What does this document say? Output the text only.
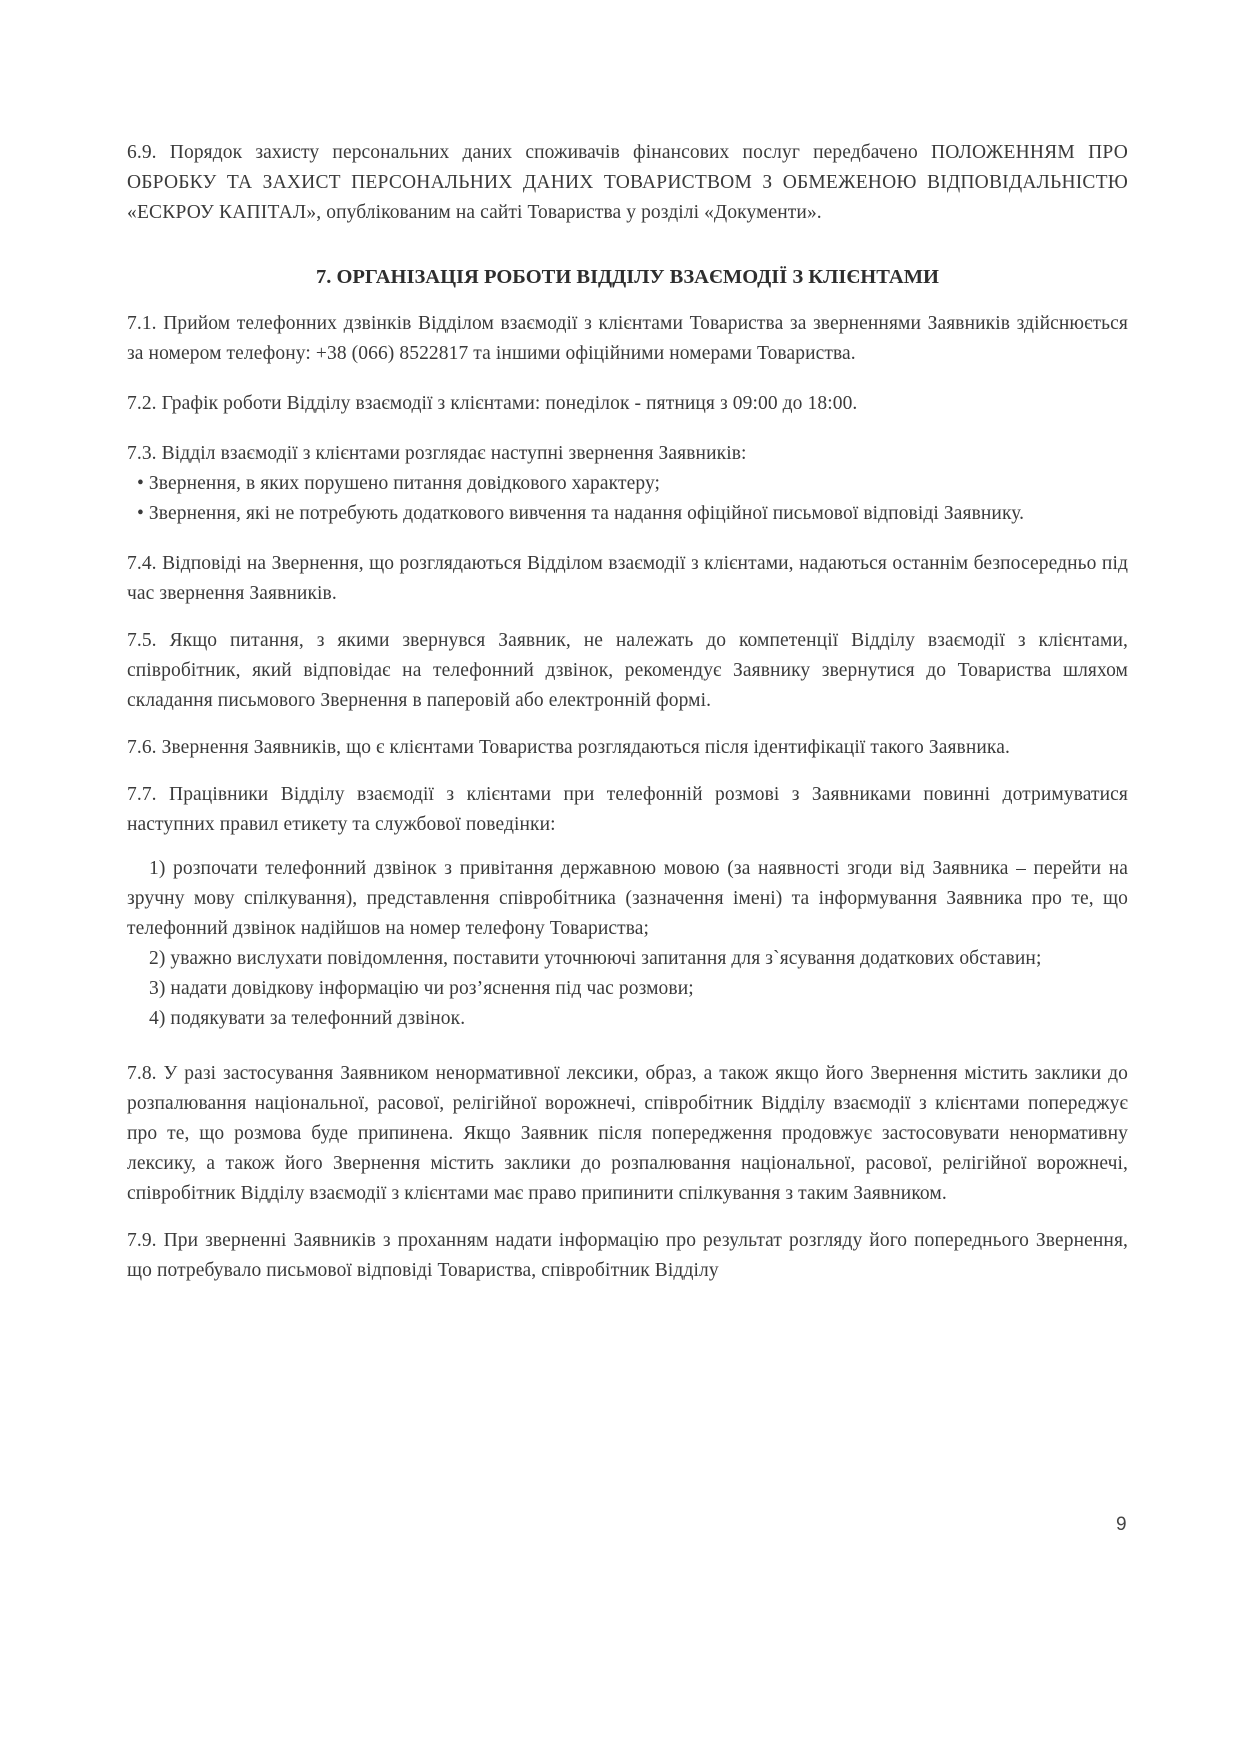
6.9. Порядок захисту персональних даних споживачів фінансових послуг передбачено ПОЛОЖЕННЯМ ПРО ОБРОБКУ ТА ЗАХИСТ ПЕРСОНАЛЬНИХ ДАНИХ ТОВАРИСТВОМ З ОБМЕЖЕНОЮ ВІДПОВІДАЛЬНІСТЮ «ЕСКРОУ КАПІТАЛ», опублікованим на сайті Товариства у розділі «Документи».

7. ОРГАНІЗАЦІЯ РОБОТИ ВІДДІЛУ ВЗАЄМОДІЇ З КЛІЄНТАМИ

7.1. Прийом телефонних дзвінків Відділом взаємодії з клієнтами Товариства за зверненнями Заявників здійснюється за номером телефону: +38 (066) 8522817 та іншими офіційними номерами Товариства.

7.2. Графік роботи Відділу взаємодії з клієнтами: понеділок - пятниця з 09:00 до 18:00.

7.3. Відділ взаємодії з клієнтами розглядає наступні звернення Заявників:

• Звернення, в яких порушено питання довідкового характеру;

• Звернення, які не потребують додаткового вивчення та надання офіційної письмової відповіді Заявнику.

7.4. Відповіді на Звернення, що розглядаються Відділом взаємодії з клієнтами, надаються останнім безпосередньо під час звернення Заявників.

7.5. Якщо питання, з якими звернувся Заявник, не належать до компетенції Відділу взаємодії з клієнтами, співробітник, який відповідає на телефонний дзвінок, рекомендує Заявнику звернутися до Товариства шляхом складання письмового Звернення в паперовій або електронній формі.

7.6. Звернення Заявників, що є клієнтами Товариства розглядаються після ідентифікації такого Заявника.

7.7. Працівники Відділу взаємодії з клієнтами при телефонній розмові з Заявниками повинні дотримуватися наступних правил етикету та службової поведінки:

1) розпочати телефонний дзвінок з привітання державною мовою (за наявності згоди від Заявника – перейти на зручну мову спілкування), представлення співробітника (зазначення імені) та інформування Заявника про те, що телефонний дзвінок надійшов на номер телефону Товариства;

2) уважно вислухати повідомлення, поставити уточнюючі запитання для з`ясування додаткових обставин;

3) надати довідкову інформацію чи роз’яснення під час розмови;

4) подякувати за телефонний дзвінок.

7.8. У разі застосування Заявником ненормативної лексики, образ, а також якщо його Звернення містить заклики до розпалювання національної, расової, релігійної ворожнечі, співробітник Відділу взаємодії з клієнтами попереджує про те, що розмова буде припинена. Якщо Заявник після попередження продовжує застосовувати ненормативну лексику, а також його Звернення містить заклики до розпалювання національної, расової, релігійної ворожнечі, співробітник Відділу взаємодії з клієнтами має право припинити спілкування з таким Заявником.

7.9. При зверненні Заявників з проханням надати інформацію про результат розгляду його попереднього Звернення, що потребувало письмової відповіді Товариства, співробітник Відділу

9
